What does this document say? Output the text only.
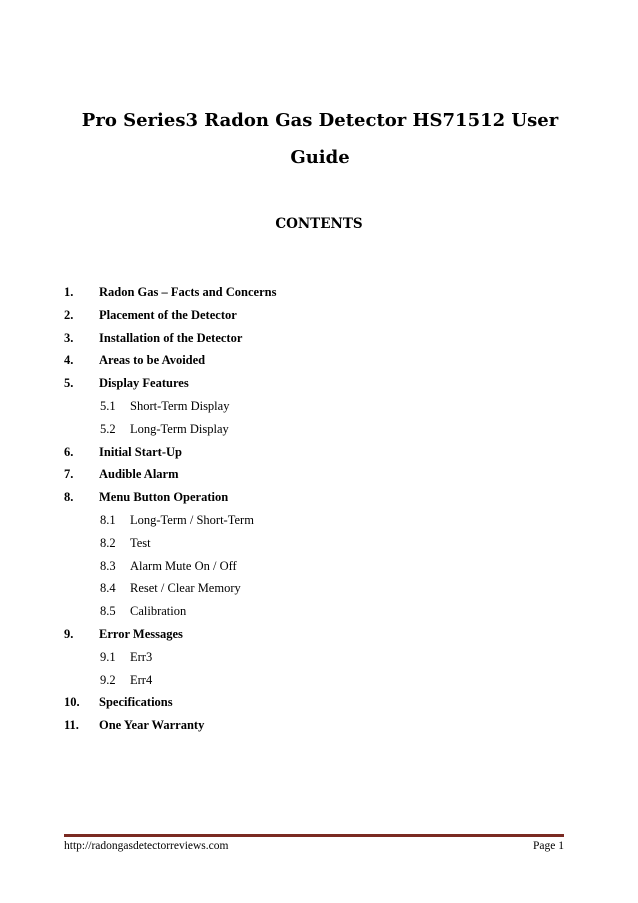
Pro Series3 Radon Gas Detector HS71512 User
Guide
CONTENTS
1. Radon Gas – Facts and Concerns
2. Placement of the Detector
3. Installation of the Detector
4. Areas to be Avoided
5. Display Features
5.1 Short-Term Display
5.2 Long-Term Display
6. Initial Start-Up
7. Audible Alarm
8. Menu Button Operation
8.1 Long-Term / Short-Term
8.2 Test
8.3 Alarm Mute On / Off
8.4 Reset / Clear Memory
8.5 Calibration
9. Error Messages
9.1 Err3
9.2 Err4
10. Specifications
11. One Year Warranty
http://radongasdetectorreviews.com	Page 1
